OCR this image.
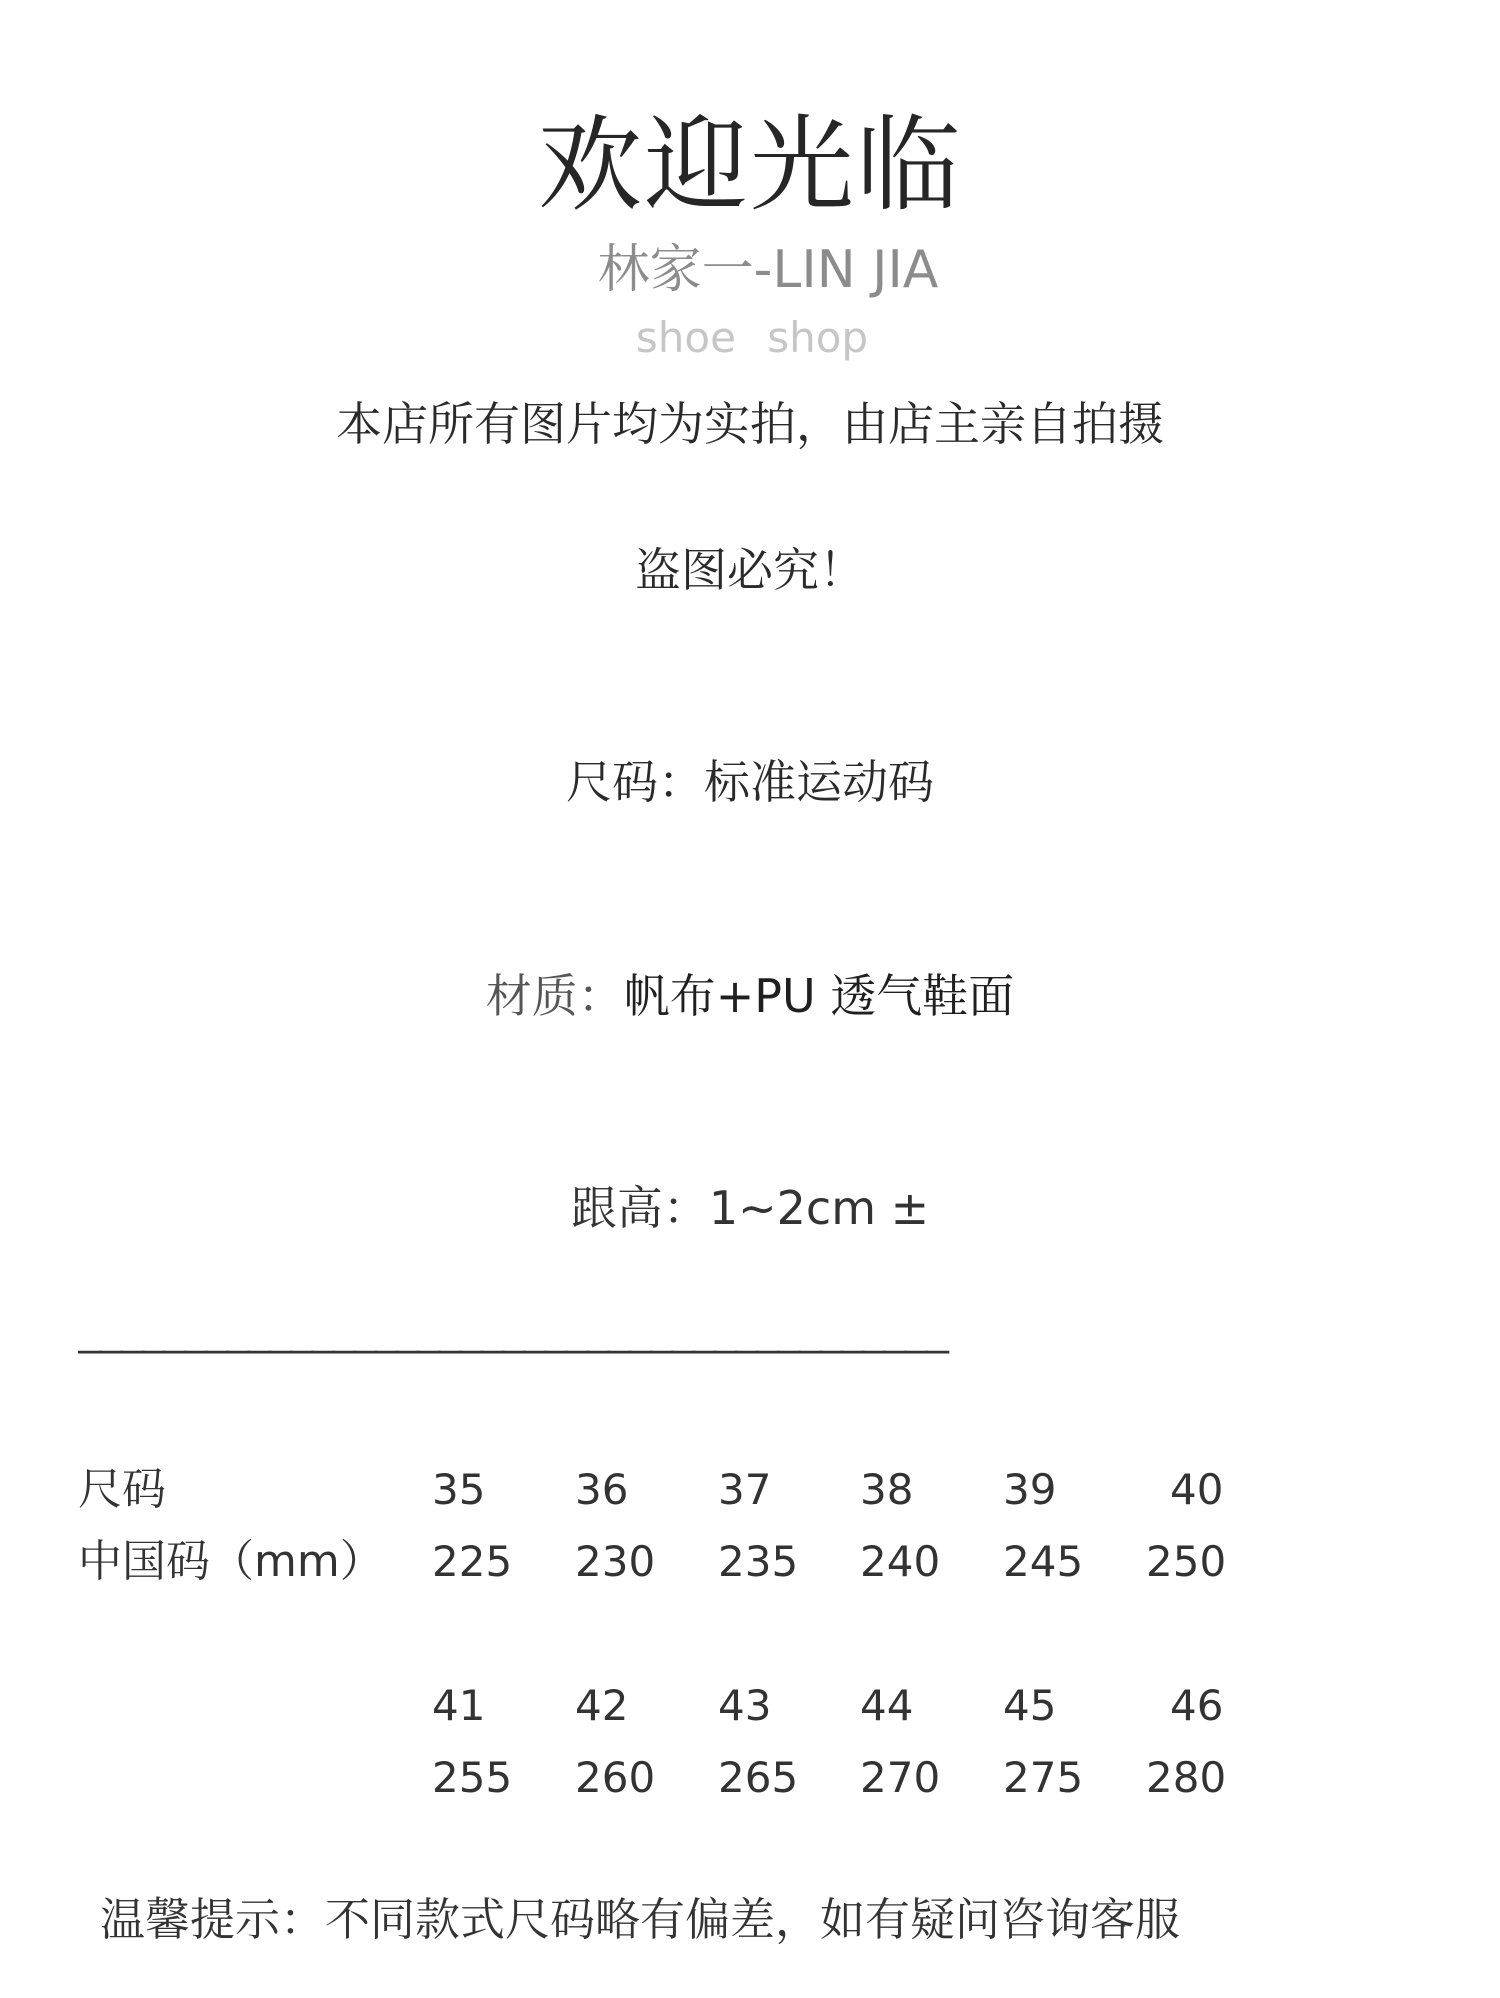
欢迎光临
林家一-LIN JIA
shoe shop
本店所有图片均为实拍，由店主亲自拍摄
盗图必究！
尺码：标准运动码
材质：帆布+PU 透气鞋面
跟高：1~2cm ±
—————————————————————————————————————————
尺码
中国码（mm）
35 36 37 38 39	40
225 230 235 240 245 250
41 42 43 44 45	46
255 260 265 270 275 280
温馨提示：不同款式尺码略有偏差，如有疑问咨询客服
